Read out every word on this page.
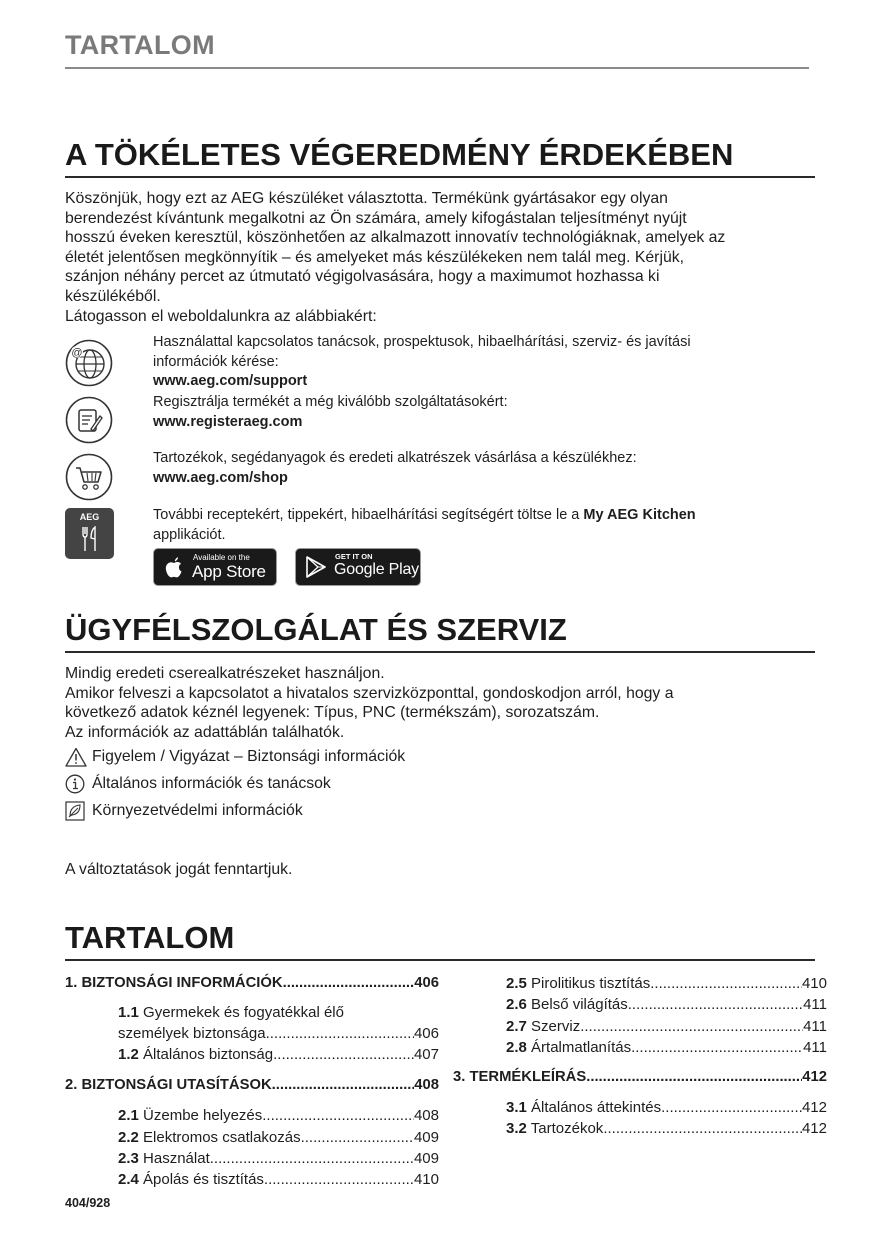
TARTALOM
A TÖKÉLETES VÉGEREDMÉNY ÉRDEKÉBEN
Köszönjük, hogy ezt az AEG készüléket választotta. Termékünk gyártásakor egy olyan
berendezést kívántunk megalkotni az Ön számára, amely kifogástalan teljesítményt nyújt
hosszú éveken keresztül, köszönhetően az alkalmazott innovatív technológiáknak, amelyek az
életét jelentősen megkönnyítik – és amelyeket más készülékeken nem talál meg. Kérjük,
szánjon néhány percet az útmutató végigolvasására, hogy a maximumot hozhassa ki
készülékéből.
Látogasson el weboldalunkra az alábbiakért:
@
Használattal kapcsolatos tanácsok, prospektusok, hibaelhárítási, szerviz- és javítási
információk kérése:
www.aeg.com/support
Regisztrálja termékét a még kiválóbb szolgáltatásokért:
www.registeraeg.com
Tartozékok, segédanyagok és eredeti alkatrészek vásárlása a készülékhez:
www.aeg.com/shop
AEG	További receptekért, tippekért, hibaelhárítási segítségért töltse le a My AEG Kitchen
applikációt.
Available on the
App Store
GET IT ON
Google Play
ÜGYFÉLSZOLGÁLAT ÉS SZERVIZ
Mindig eredeti cserealkatrészeket használjon.
Amikor felveszi a kapcsolatot a hivatalos szervizközponttal, gondoskodjon arról, hogy a
következő adatok kéznél legyenek: Típus, PNC (termékszám), sorozatszám.
Az információk az adattáblán találhatók.
Figyelem / Vigyázat – Biztonsági információk
Általános információk és tanácsok
Környezetvédelmi információk
A változtatások jogát fenntartjuk.
TARTALOM
1. BIZTONSÁGI INFORMÁCIÓK .....	406
1.1 Gyermekek és fogyatékkal élő
személyek biztonsága .....	406
1.2 Általános biztonság .....	407
2. BIZTONSÁGI UTASÍTÁSOK .....	408
2.1 Üzembe helyezés .....	408
2.2 Elektromos csatlakozás .....	409
2.3 Használat .....	409
2.4 Ápolás és tisztítás .....	410
2.5 Pirolitikus tisztítás .....	410
2.6 Belső világítás .....	411
2.7 Szerviz .....	411
2.8 Ártalmatlanítás .....	411
3. TERMÉKLEÍRÁS .....	412
3.1 Általános áttekintés .....	412
3.2 Tartozékok .....	412
404/928
